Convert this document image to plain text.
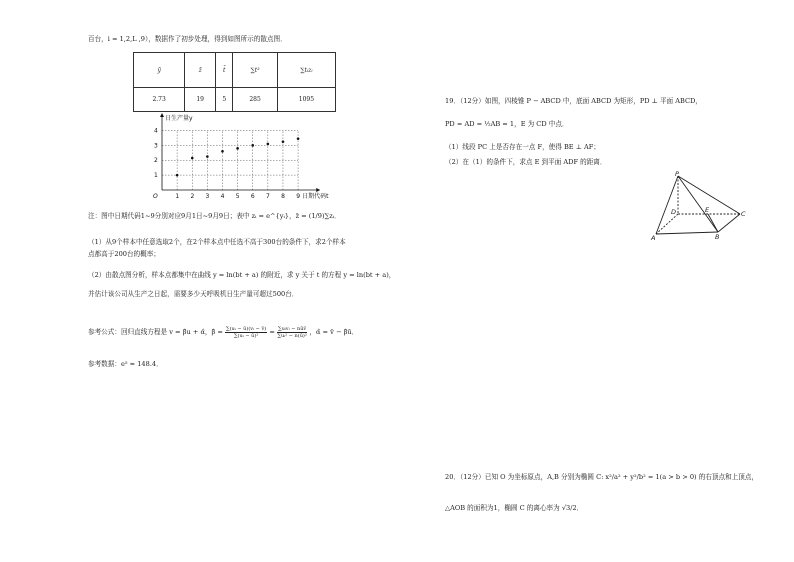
百台，i = 1,2,L ,9），数据作了初步处理，得到如图所示的散点图．
ȳ	z̄	t̄	∑t²	∑tᵢzᵢ
2.73	19	5	285	1095
1 2 3 4 5 6 7 8 9
1
2
3
4
O
日生产量y
日期代码t
注：图中日期代码1~9分别对应9月1日~9月9日；表中 zᵢ = e^{yᵢ}，z̄ = (1/9)∑zᵢ．
（1）从9个样本中任意选取2个，在2个样本点中任选不高于300台的条件下，求2个样本
点都高于200台的概率；
（2）由散点图分析，样本点都集中在曲线 y = ln(bt + a) 的附近，求 y 关于 t 的方程 y = ln(bt + a)，
并估计该公司从生产之日起，需要多少天呼吸机日生产量可超过500台．
参考公式：回归直线方程是 v = β̂u + α̂，β̂ = $\frac{\text{∑(uᵢ − ū)(vᵢ − v̄)}}{\text{∑(uᵢ − ū)²}} = \frac{\text{∑uᵢvᵢ − nūv̄}}{\text{∑uᵢ² − n(ū)²}}$ ，α̂ = v̄ − β̂ū．
参考数据：e⁵ ≈ 148.4．
19．（12分）如图，四棱锥 P − ABCD 中，底面 ABCD 为矩形，PD ⊥ 平面 ABCD，
PD = AD = ½AB = 1，E 为 CD 中点．
（1）线段 PC 上是否存在一点 F，使得 BE ⊥ AF；
（2）在（1）的条件下，求点 E 到平面 ADF 的距离．
P
D	E	C
A	B
20．（12分）已知 O 为坐标原点，A,B 分别为椭圆 C: x²/a² + y²/b² = 1(a > b > 0) 的右顶点和上顶点，
△AOB 的面积为1，椭圆 C 的离心率为 √3/2．
